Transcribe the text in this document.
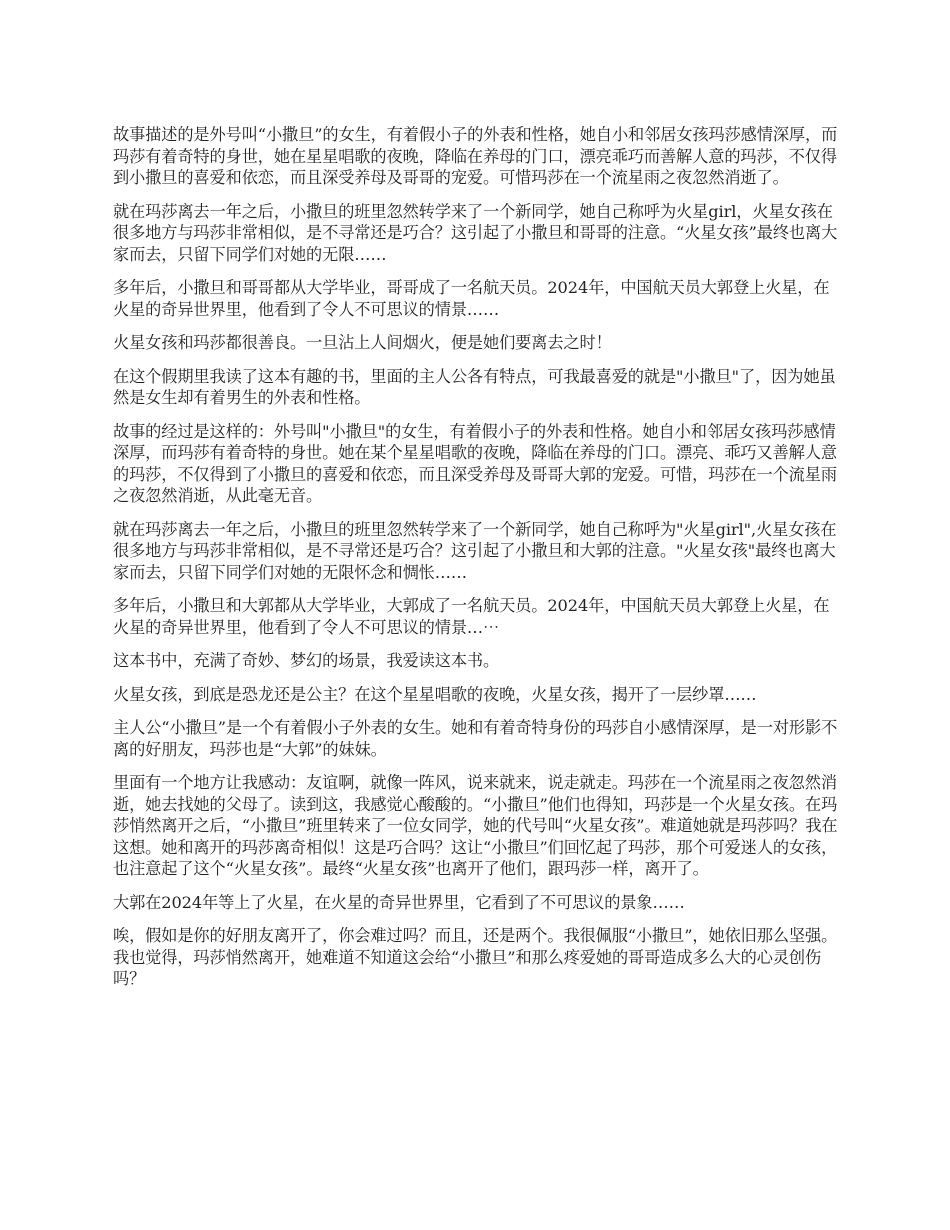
故事描述的是外号叫“小撒旦”的女生，有着假小子的外表和性格，她自小和邻居女孩玛莎感情深厚，而玛莎有着奇特的身世，她在星星唱歌的夜晚，降临在养母的门口，漂亮乖巧而善解人意的玛莎，不仅得到小撒旦的喜爱和依恋，而且深受养母及哥哥的宠爱。可惜玛莎在一个流星雨之夜忽然消逝了。

就在玛莎离去一年之后，小撒旦的班里忽然转学来了一个新同学，她自己称呼为火星girl，火星女孩在很多地方与玛莎非常相似，是不寻常还是巧合？这引起了小撒旦和哥哥的注意。“火星女孩”最终也离大家而去，只留下同学们对她的无限……

多年后，小撒旦和哥哥都从大学毕业，哥哥成了一名航天员。2024年，中国航天员大郭登上火星，在火星的奇异世界里，他看到了令人不可思议的情景……

火星女孩和玛莎都很善良。一旦沾上人间烟火，便是她们要离去之时！

在这个假期里我读了这本有趣的书，里面的主人公各有特点，可我最喜爱的就是"小撒旦"了，因为她虽然是女生却有着男生的外表和性格。

故事的经过是这样的：外号叫"小撒旦"的女生，有着假小子的外表和性格。她自小和邻居女孩玛莎感情深厚，而玛莎有着奇特的身世。她在某个星星唱歌的夜晚，降临在养母的门口。漂亮、乖巧又善解人意的玛莎，不仅得到了小撒旦的喜爱和依恋，而且深受养母及哥哥大郭的宠爱。可惜，玛莎在一个流星雨之夜忽然消逝，从此毫无音。

就在玛莎离去一年之后，小撒旦的班里忽然转学来了一个新同学，她自己称呼为"火星girl",火星女孩在很多地方与玛莎非常相似，是不寻常还是巧合？这引起了小撒旦和大郭的注意。"火星女孩"最终也离大家而去，只留下同学们对她的无限怀念和惆怅……

多年后，小撒旦和大郭都从大学毕业，大郭成了一名航天员。2024年，中国航天员大郭登上火星，在火星的奇异世界里，他看到了令人不可思议的情景…⋯

这本书中，充满了奇妙、梦幻的场景，我爱读这本书。

火星女孩，到底是恐龙还是公主？在这个星星唱歌的夜晚，火星女孩，揭开了一层纱罩……

主人公“小撒旦”是一个有着假小子外表的女生。她和有着奇特身份的玛莎自小感情深厚，是一对形影不离的好朋友，玛莎也是“大郭”的妹妹。

里面有一个地方让我感动：友谊啊，就像一阵风，说来就来，说走就走。玛莎在一个流星雨之夜忽然消逝，她去找她的父母了。读到这，我感觉心酸酸的。“小撒旦”他们也得知，玛莎是一个火星女孩。在玛莎悄然离开之后，“小撒旦”班里转来了一位女同学，她的代号叫“火星女孩”。难道她就是玛莎吗？我在这想。她和离开的玛莎离奇相似！这是巧合吗？这让“小撒旦”们回忆起了玛莎，那个可爱迷人的女孩，也注意起了这个“火星女孩”。最终“火星女孩”也离开了他们，跟玛莎一样，离开了。

大郭在2024年等上了火星，在火星的奇异世界里，它看到了不可思议的景象……

唉，假如是你的好朋友离开了，你会难过吗？而且，还是两个。我很佩服“小撒旦”，她依旧那么坚强。我也觉得，玛莎悄然离开，她难道不知道这会给“小撒旦”和那么疼爱她的哥哥造成多么大的心灵创伤吗？
